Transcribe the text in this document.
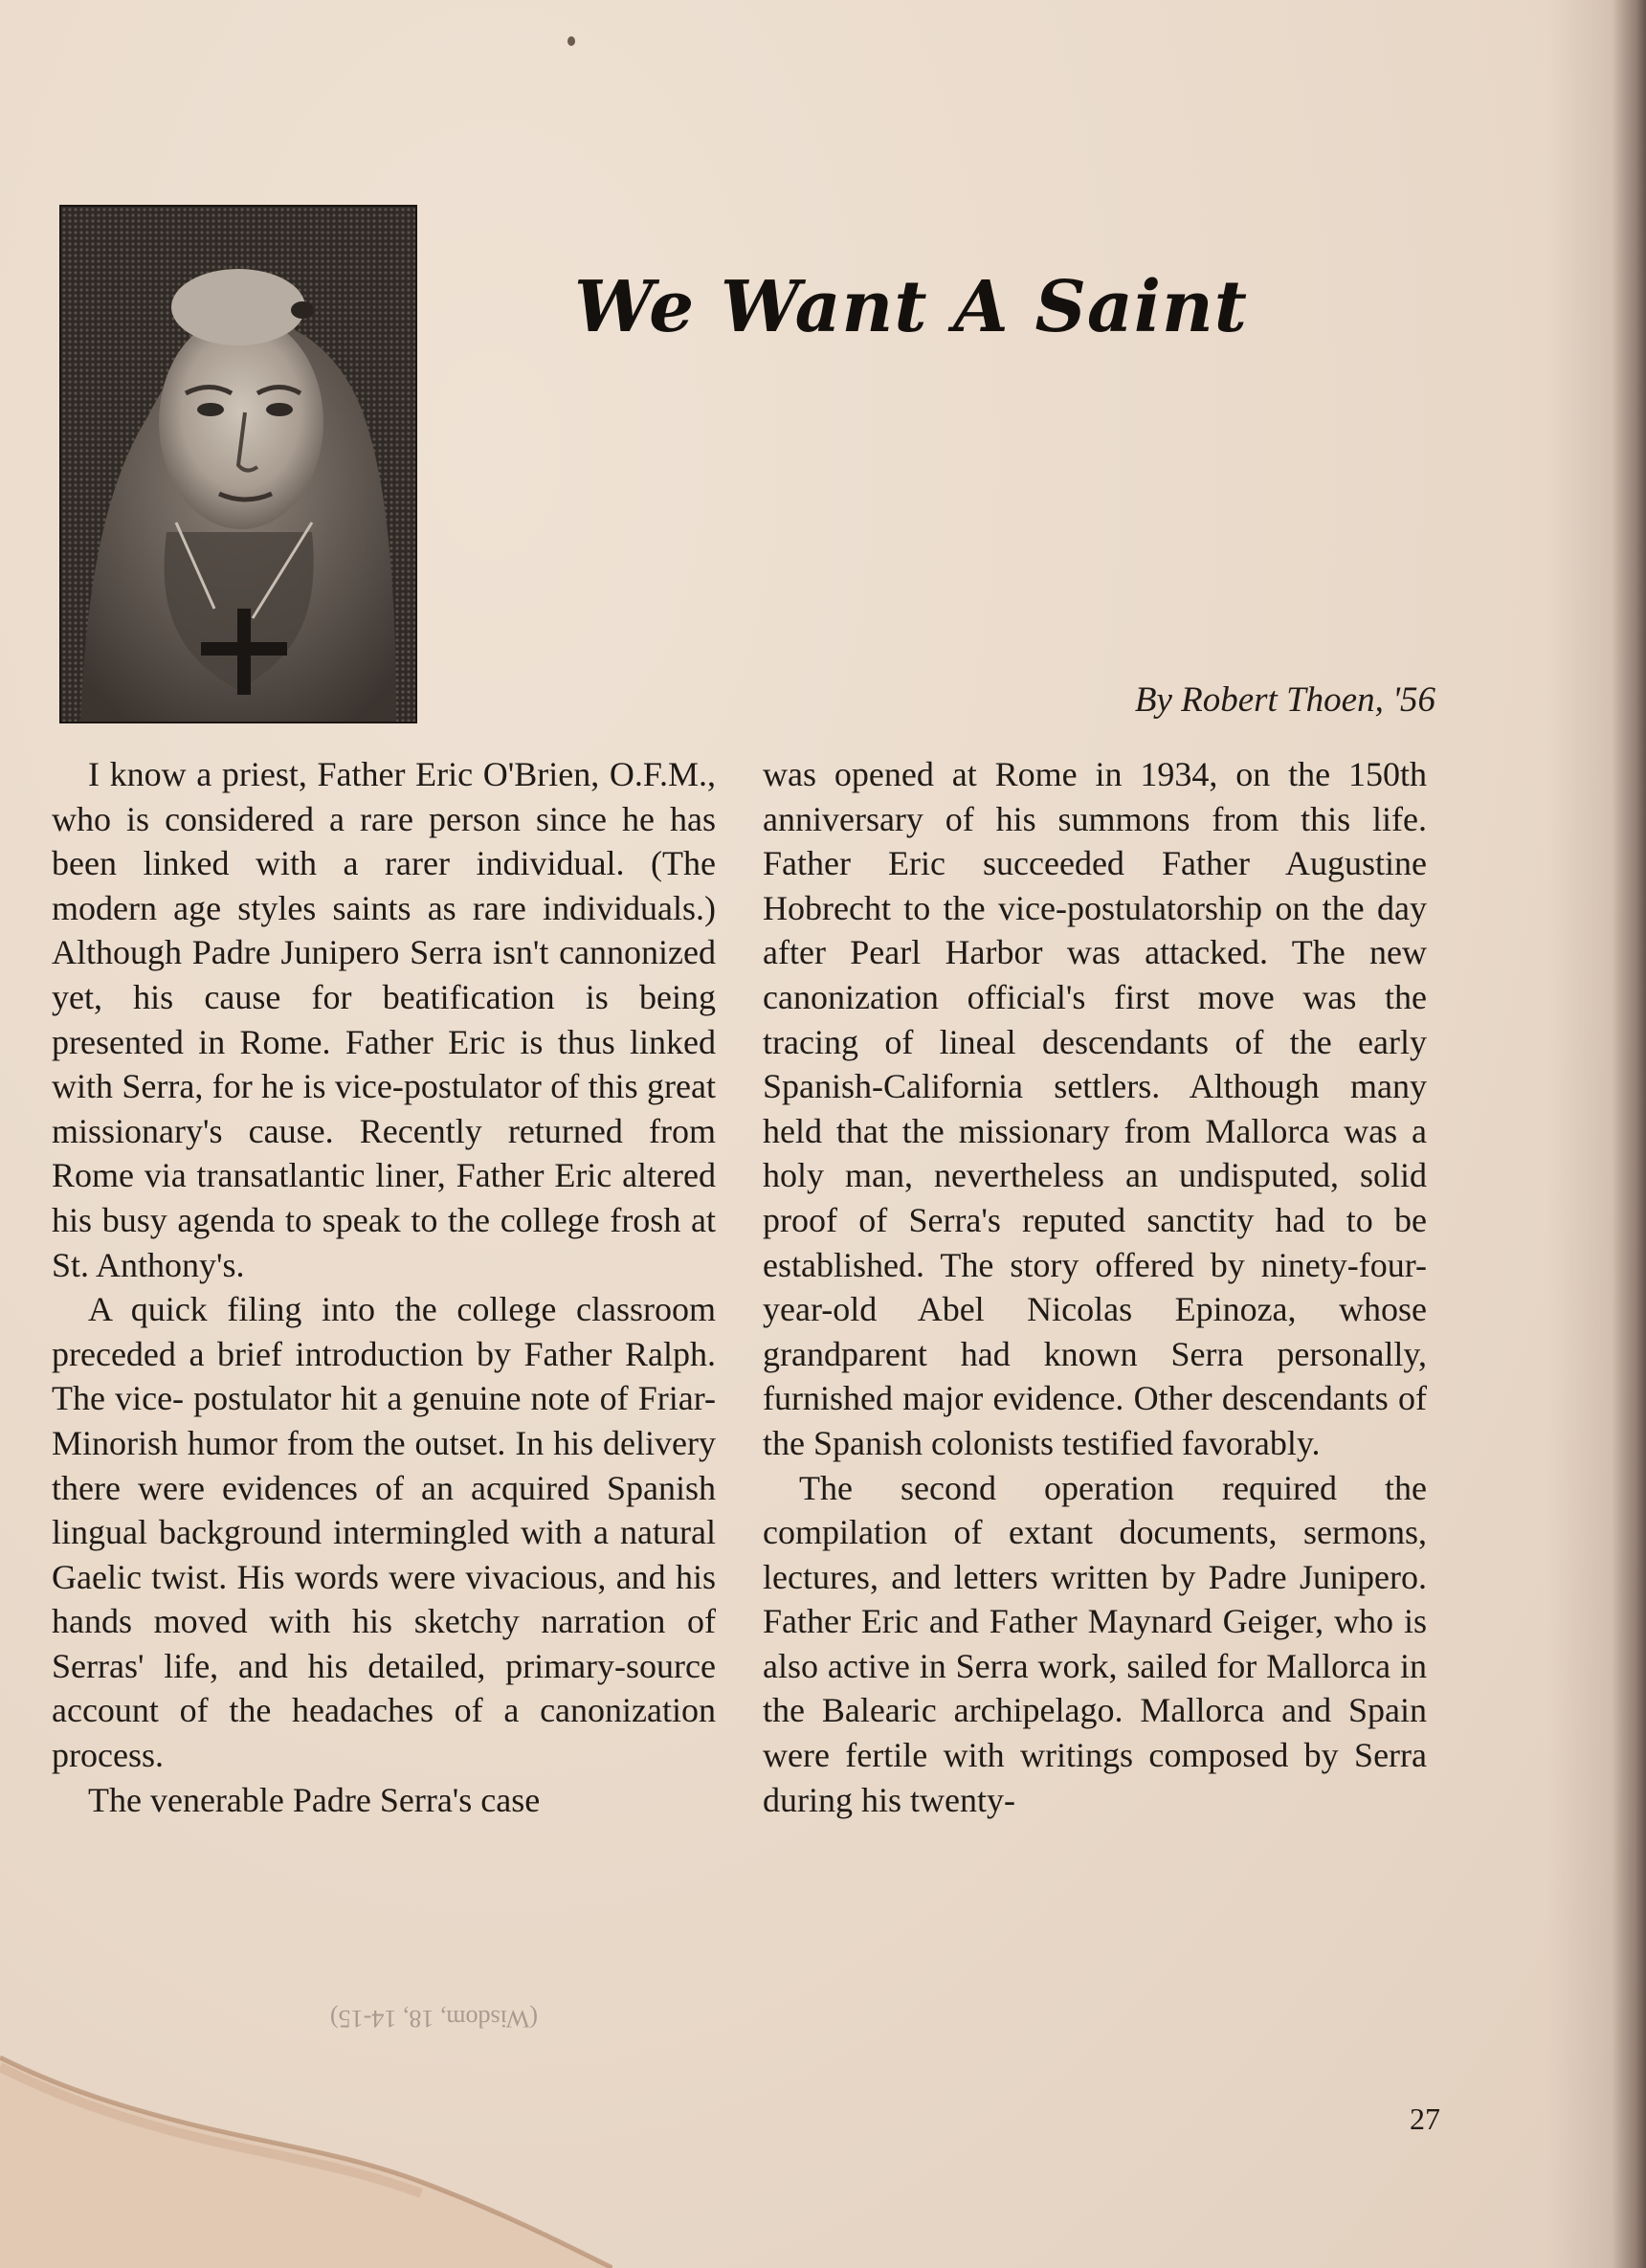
We Want A Saint
By Robert Thoen, '56

I know a priest, Father Eric O'Brien, O.F.M., who is considered a rare person since he has been linked with a rarer individual. (The modern age styles saints as rare individuals.) Although Padre Junipero Serra isn't cannonized yet, his cause for beatification is being presented in Rome. Father Eric is thus linked with Serra, for he is vice-postulator of this great missionary's cause. Recently returned from Rome via transatlantic liner, Father Eric altered his busy agenda to speak to the college frosh at St. Anthony's.

A quick filing into the college classroom preceded a brief introduction by Father Ralph. The vice- postulator hit a genuine note of Friar-Minorish humor from the outset. In his delivery there were evidences of an acquired Spanish lingual background intermingled with a natural Gaelic twist. His words were vivacious, and his hands moved with his sketchy narration of Serras' life, and his detailed, primary-source account of the headaches of a canonization process.

The venerable Padre Serra's case

was opened at Rome in 1934, on the 150th anniversary of his summons from this life. Father Eric succeeded Father Augustine Hobrecht to the vice-postulatorship on the day after Pearl Harbor was attacked. The new canonization official's first move was the tracing of lineal descendants of the early Spanish-California settlers. Although many held that the missionary from Mallorca was a holy man, nevertheless an undisputed, solid proof of Serra's reputed sanctity had to be established. The story offered by ninety-four-year-old Abel Nicolas Epinoza, whose grandparent had known Serra personally, furnished major evidence. Other descendants of the Spanish colonists testified favorably.

The second operation required the compilation of extant documents, sermons, lectures, and letters written by Padre Junipero. Father Eric and Father Maynard Geiger, who is also active in Serra work, sailed for Mallorca in the Balearic archipelago. Mallorca and Spain were fertile with writings composed by Serra during his twenty-

(Wisdom, 18, 14-15)
27
